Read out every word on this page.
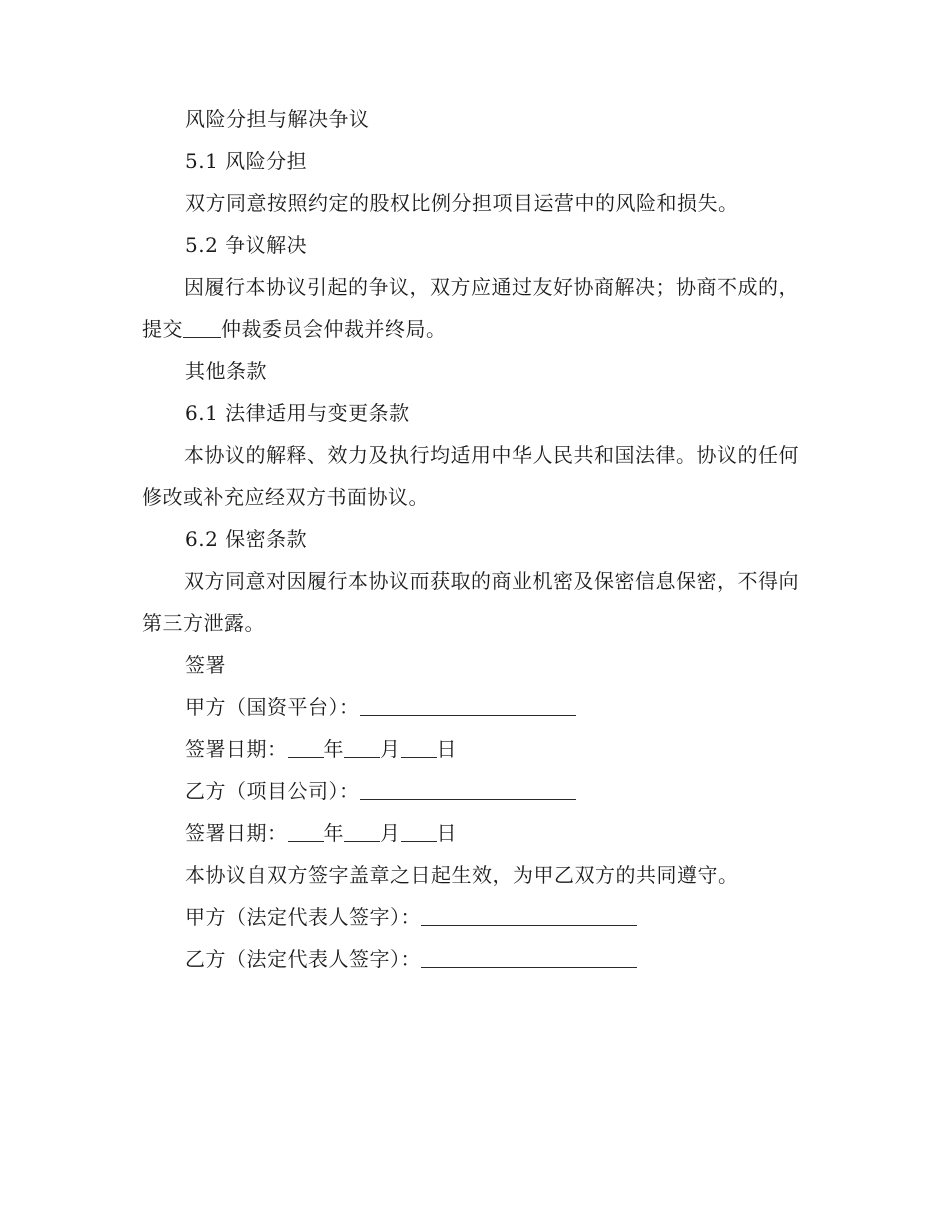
风险分担与解决争议

5.1 风险分担

双方同意按照约定的股权比例分担项目运营中的风险和损失。

5.2 争议解决

因履行本协议引起的争议，双方应通过友好协商解决；协商不成的，提交 仲裁委员会仲裁并终局。

其他条款

6.1 法律适用与变更条款

本协议的解释、效力及执行均适用中华人民共和国法律。协议的任何修改或补充应经双方书面协议。

6.2 保密条款

双方同意对因履行本协议而获取的商业机密及保密信息保密，不得向第三方泄露。

签署

甲方（国资平台）：

签署日期： 年 月 日

乙方（项目公司）：

签署日期： 年 月 日

本协议自双方签字盖章之日起生效，为甲乙双方的共同遵守。

甲方（法定代表人签字）：

乙方（法定代表人签字）：
